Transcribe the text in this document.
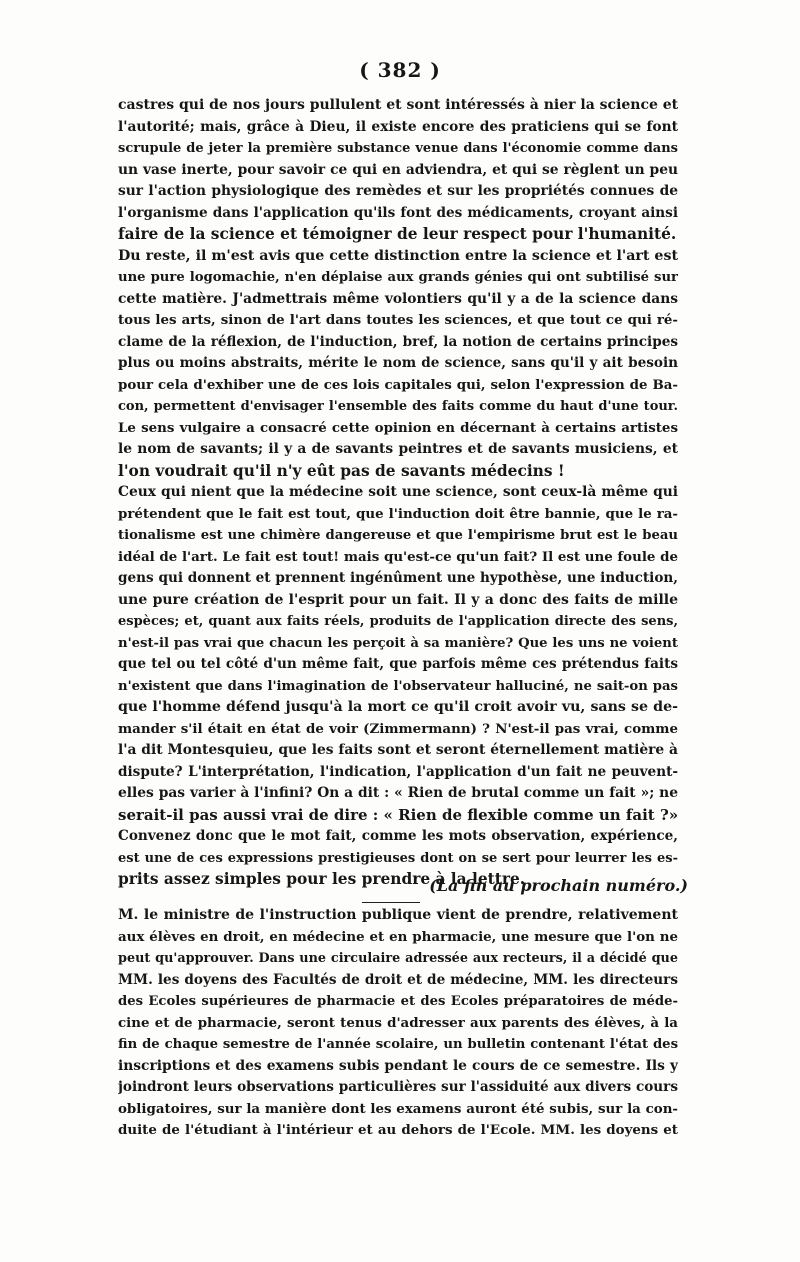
( 382 )
castres qui de nos jours pullulent et sont intéressés à nier la science et
l'autorité; mais, grâce à Dieu, il existe encore des praticiens qui se font
scrupule de jeter la première substance venue dans l'économie comme dans
un vase inerte, pour savoir ce qui en adviendra, et qui se règlent un peu
sur l'action physiologique des remèdes et sur les propriétés connues de
l'organisme dans l'application qu'ils font des médicaments, croyant ainsi
faire de la science et témoigner de leur respect pour l'humanité.
Du reste, il m'est avis que cette distinction entre la science et l'art est
une pure logomachie, n'en déplaise aux grands génies qui ont subtilisé sur
cette matière. J'admettrais même volontiers qu'il y a de la science dans
tous les arts, sinon de l'art dans toutes les sciences, et que tout ce qui ré-
clame de la réflexion, de l'induction, bref, la notion de certains principes
plus ou moins abstraits, mérite le nom de science, sans qu'il y ait besoin
pour cela d'exhiber une de ces lois capitales qui, selon l'expression de Ba-
con, permettent d'envisager l'ensemble des faits comme du haut d'une tour.
Le sens vulgaire a consacré cette opinion en décernant à certains artistes
le nom de savants; il y a de savants peintres et de savants musiciens, et
l'on voudrait qu'il n'y eût pas de savants médecins !
Ceux qui nient que la médecine soit une science, sont ceux-là même qui
prétendent que le fait est tout, que l'induction doit être bannie, que le ra-
tionalisme est une chimère dangereuse et que l'empirisme brut est le beau
idéal de l'art. Le fait est tout! mais qu'est-ce qu'un fait? Il est une foule de
gens qui donnent et prennent ingénûment une hypothèse, une induction,
une pure création de l'esprit pour un fait. Il y a donc des faits de mille
espèces; et, quant aux faits réels, produits de l'application directe des sens,
n'est-il pas vrai que chacun les perçoit à sa manière? Que les uns ne voient
que tel ou tel côté d'un même fait, que parfois même ces prétendus faits
n'existent que dans l'imagination de l'observateur halluciné, ne sait-on pas
que l'homme défend jusqu'à la mort ce qu'il croit avoir vu, sans se de-
mander s'il était en état de voir (Zimmermann) ? N'est-il pas vrai, comme
l'a dit Montesquieu, que les faits sont et seront éternellement matière à
dispute? L'interprétation, l'indication, l'application d'un fait ne peuvent-
elles pas varier à l'infini? On a dit : « Rien de brutal comme un fait »; ne
serait-il pas aussi vrai de dire : « Rien de flexible comme un fait ?»
Convenez donc que le mot fait, comme les mots observation, expérience,
est une de ces expressions prestigieuses dont on se sert pour leurrer les es-
prits assez simples pour les prendre à la lettre.
(La fin au prochain numéro.)
M. le ministre de l'instruction publique vient de prendre, relativement
aux élèves en droit, en médecine et en pharmacie, une mesure que l'on ne
peut qu'approuver. Dans une circulaire adressée aux recteurs, il a décidé que
MM. les doyens des Facultés de droit et de médecine, MM. les directeurs
des Ecoles supérieures de pharmacie et des Ecoles préparatoires de méde-
cine et de pharmacie, seront tenus d'adresser aux parents des élèves, à la
fin de chaque semestre de l'année scolaire, un bulletin contenant l'état des
inscriptions et des examens subis pendant le cours de ce semestre. Ils y
joindront leurs observations particulières sur l'assiduité aux divers cours
obligatoires, sur la manière dont les examens auront été subis, sur la con-
duite de l'étudiant à l'intérieur et au dehors de l'Ecole. MM. les doyens et
